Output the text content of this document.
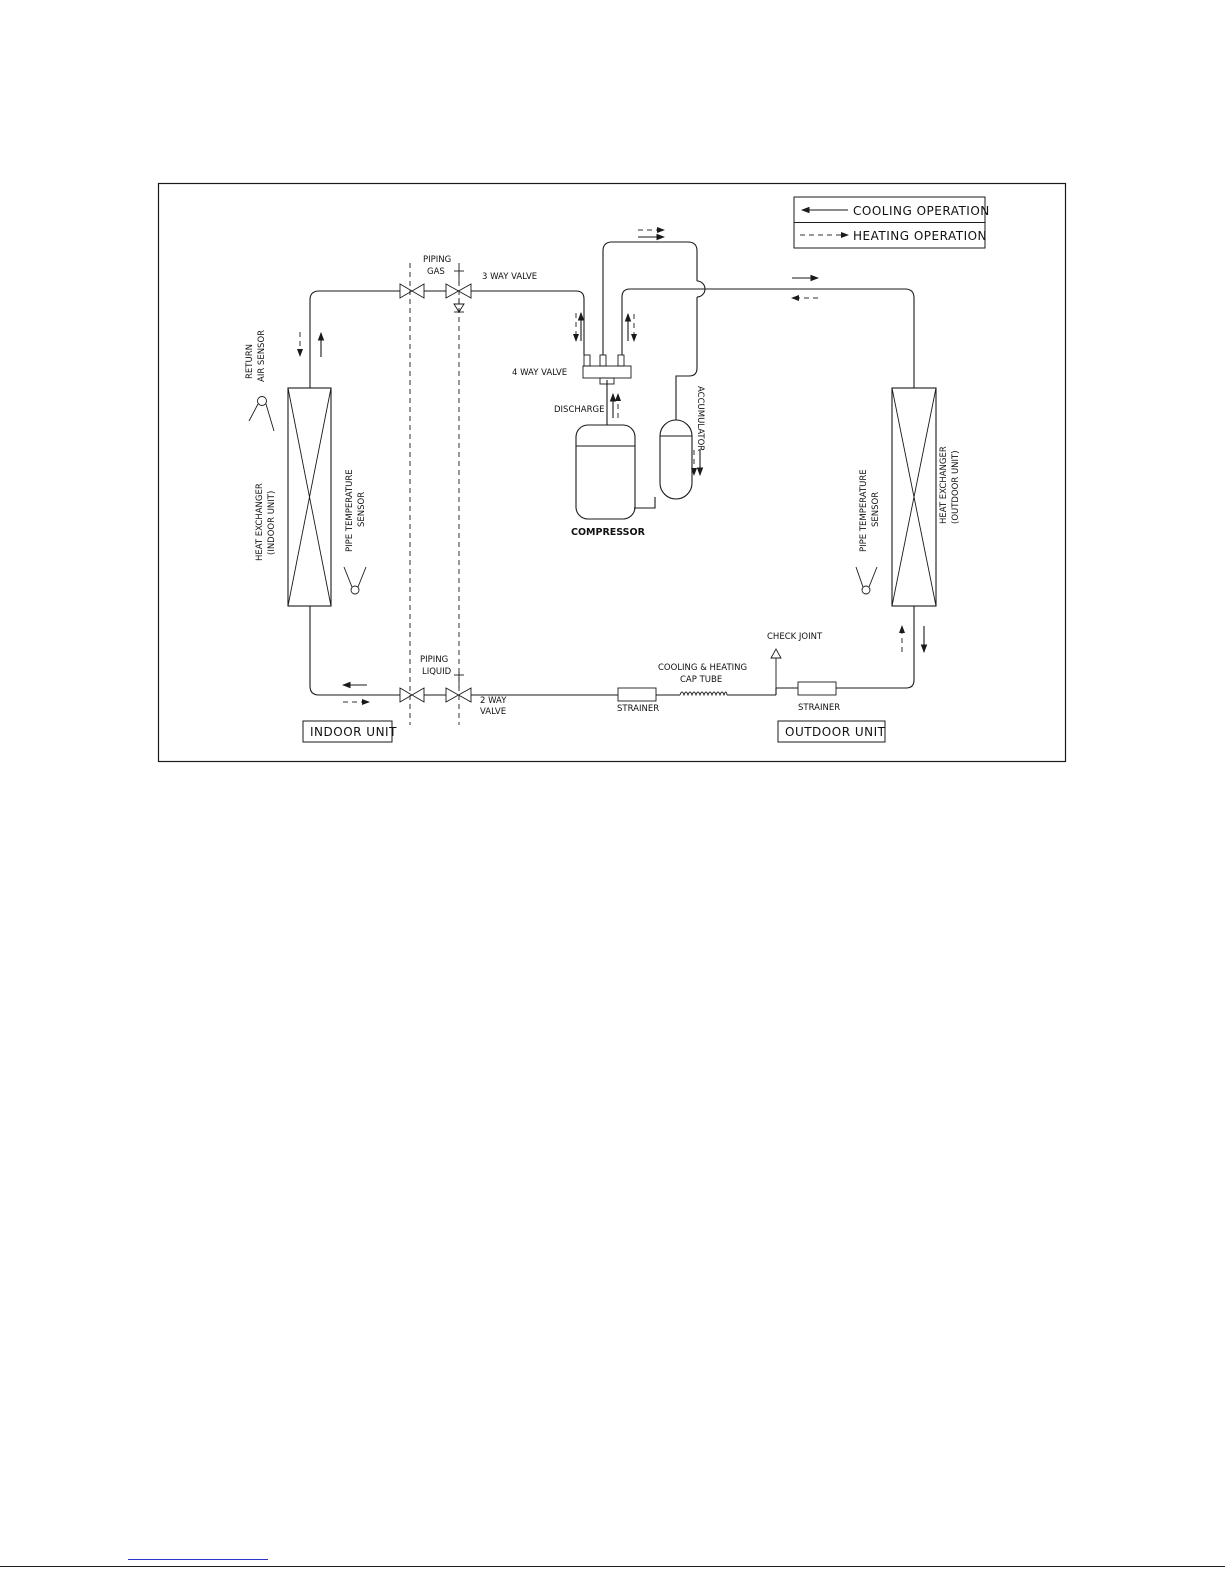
COOLING OPERATION
HEATING OPERATION
PIPING
GAS	3 WAY VALVE
PIPING
LIQUID
2 WAY
VALVE
4 WAY VALVE
DISCHARGE
COMPRESSOR
ACCUMULATOR
HEAT EXCHANGER (INDOOR UNIT)
RETURN AIR SENSOR
PIPE TEMPERATURE SENSOR	HEAT EXCHANGER (OUTDOOR UNIT)
PIPE TEMPERATURE SENSOR
CHECK JOINT
STRAINER	STRAINER
COOLING & HEATING
CAP TUBE
INDOOR UNIT	OUTDOOR UNIT
